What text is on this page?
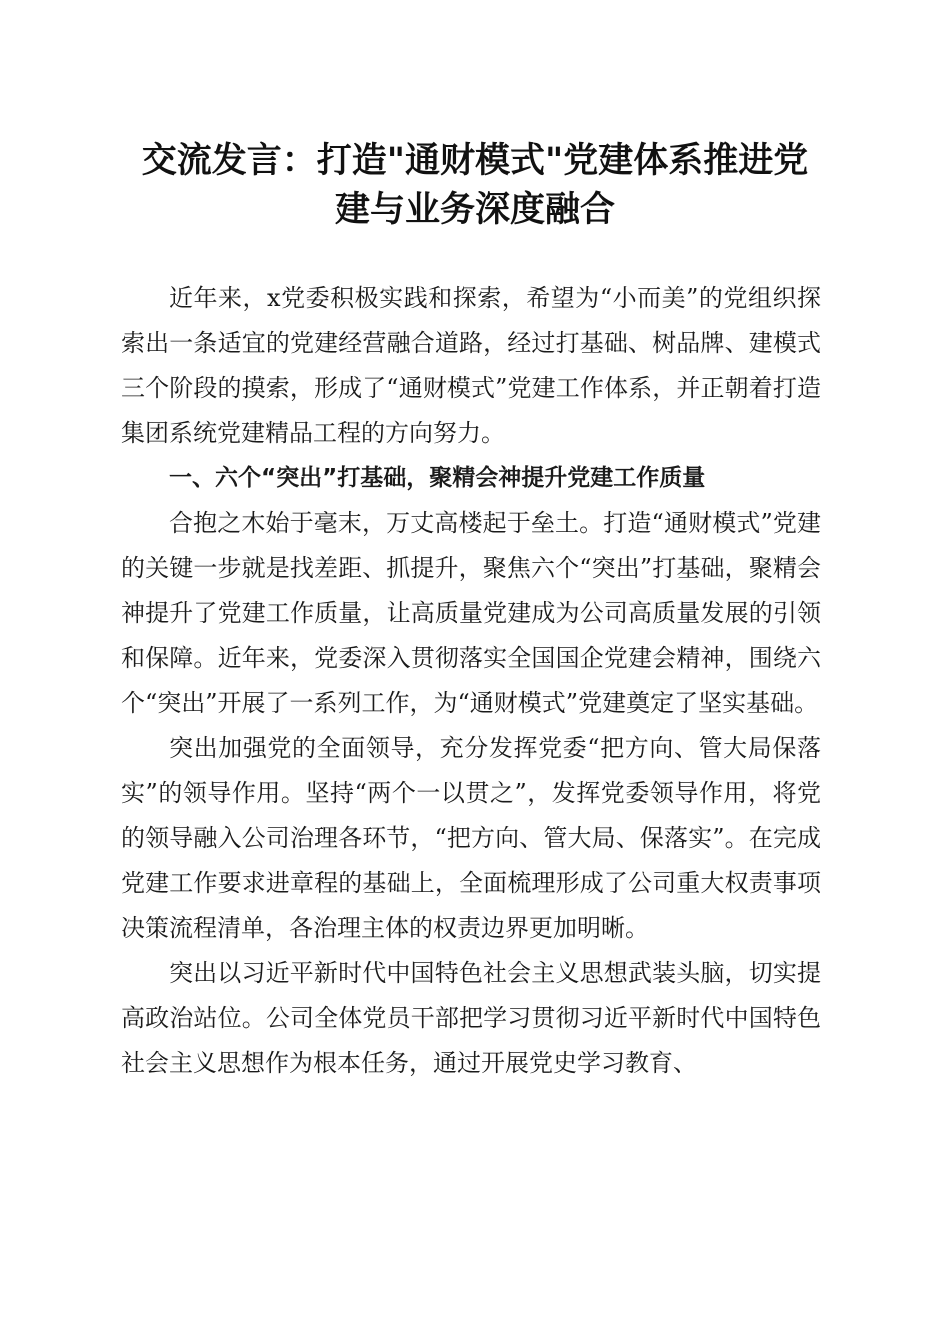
交流发言：打造"通财模式"党建体系推进党
建与业务深度融合

近年来，x党委积极实践和探索，希望为“小而美”的党组织探索出一条适宜的党建经营融合道路，经过打基础、树品牌、建模式三个阶段的摸索，形成了“通财模式”党建工作体系，并正朝着打造集团系统党建精品工程的方向努力。

一、六个“突出”打基础，聚精会神提升党建工作质量

合抱之木始于毫末，万丈高楼起于垒土。打造“通财模式”党建的关键一步就是找差距、抓提升，聚焦六个“突出”打基础，聚精会神提升了党建工作质量，让高质量党建成为公司高质量发展的引领和保障。近年来，党委深入贯彻落实全国国企党建会精神，围绕六个“突出”开展了一系列工作，为“通财模式”党建奠定了坚实基础。

突出加强党的全面领导，充分发挥党委“把方向、管大局保落实”的领导作用。坚持“两个一以贯之”，发挥党委领导作用，将党的领导融入公司治理各环节，“把方向、管大局、保落实”。在完成党建工作要求进章程的基础上，全面梳理形成了公司重大权责事项决策流程清单，各治理主体的权责边界更加明晰。

突出以习近平新时代中国特色社会主义思想武装头脑，切实提高政治站位。公司全体党员干部把学习贯彻习近平新时代中国特色社会主义思想作为根本任务，通过开展党史学习教育、
